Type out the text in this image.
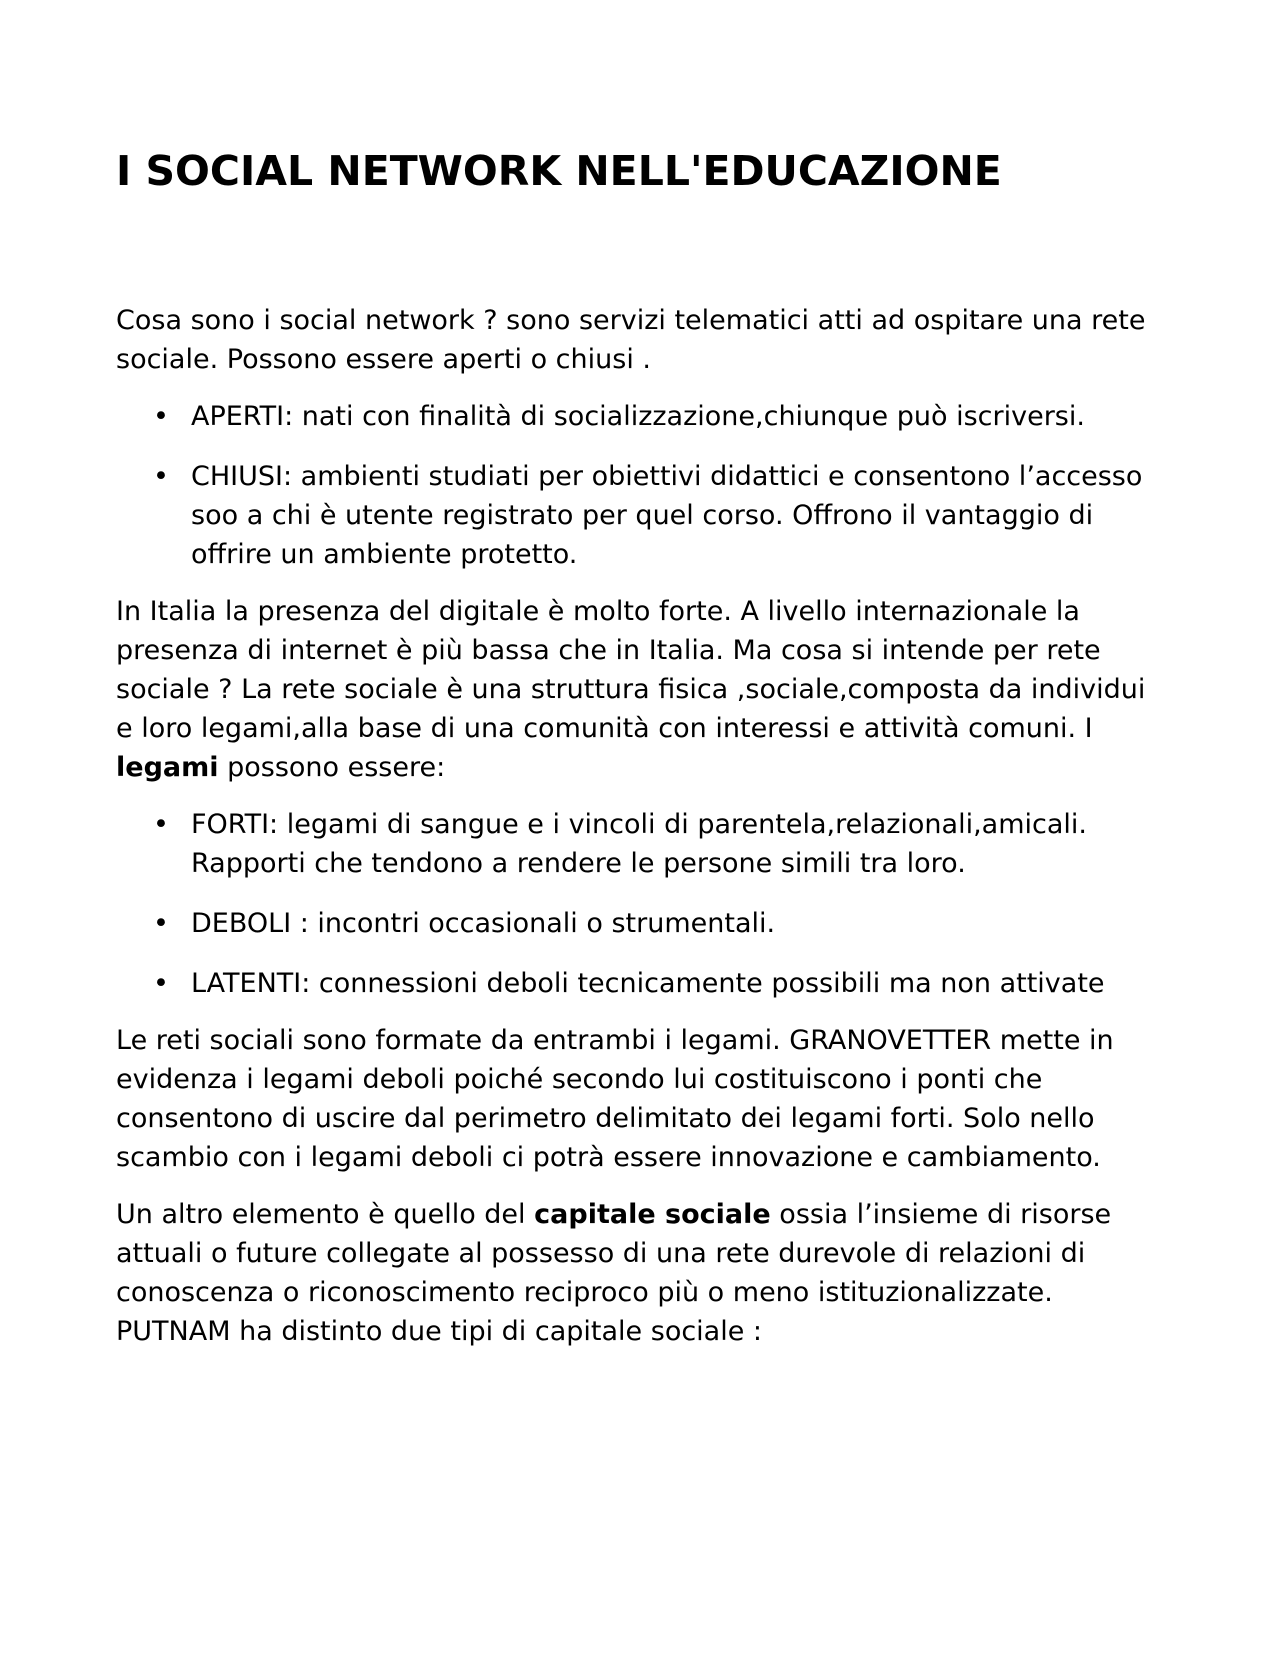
I SOCIAL NETWORK NELL'EDUCAZIONE

Cosa sono i social network ? sono servizi telematici atti ad ospitare una rete sociale. Possono essere aperti o chiusi .

• APERTI: nati con finalità di socializzazione,chiunque può iscriversi.
• CHIUSI: ambienti studiati per obiettivi didattici e consentono l’accesso soo a chi è utente registrato per quel corso. Offrono il vantaggio di offrire un ambiente protetto.

In Italia la presenza del digitale è molto forte. A livello internazionale la presenza di internet è più bassa che in Italia. Ma cosa si intende per rete sociale ? La rete sociale è una struttura fisica ,sociale,composta da individui e loro legami,alla base di una comunità con interessi e attività comuni. I legami possono essere:

• FORTI: legami di sangue e i vincoli di parentela,relazionali,amicali. Rapporti che tendono a rendere le persone simili tra loro.
• DEBOLI : incontri occasionali o strumentali.
• LATENTI: connessioni deboli tecnicamente possibili ma non attivate

Le reti sociali sono formate da entrambi i legami. GRANOVETTER mette in evidenza i legami deboli poiché secondo lui costituiscono i ponti che consentono di uscire dal perimetro delimitato dei legami forti. Solo nello scambio con i legami deboli ci potrà essere innovazione e cambiamento.

Un altro elemento è quello del capitale sociale ossia l’insieme di risorse attuali o future collegate al possesso di una rete durevole di relazioni di conoscenza o riconoscimento reciproco più o meno istituzionalizzate. PUTNAM ha distinto due tipi di capitale sociale :
